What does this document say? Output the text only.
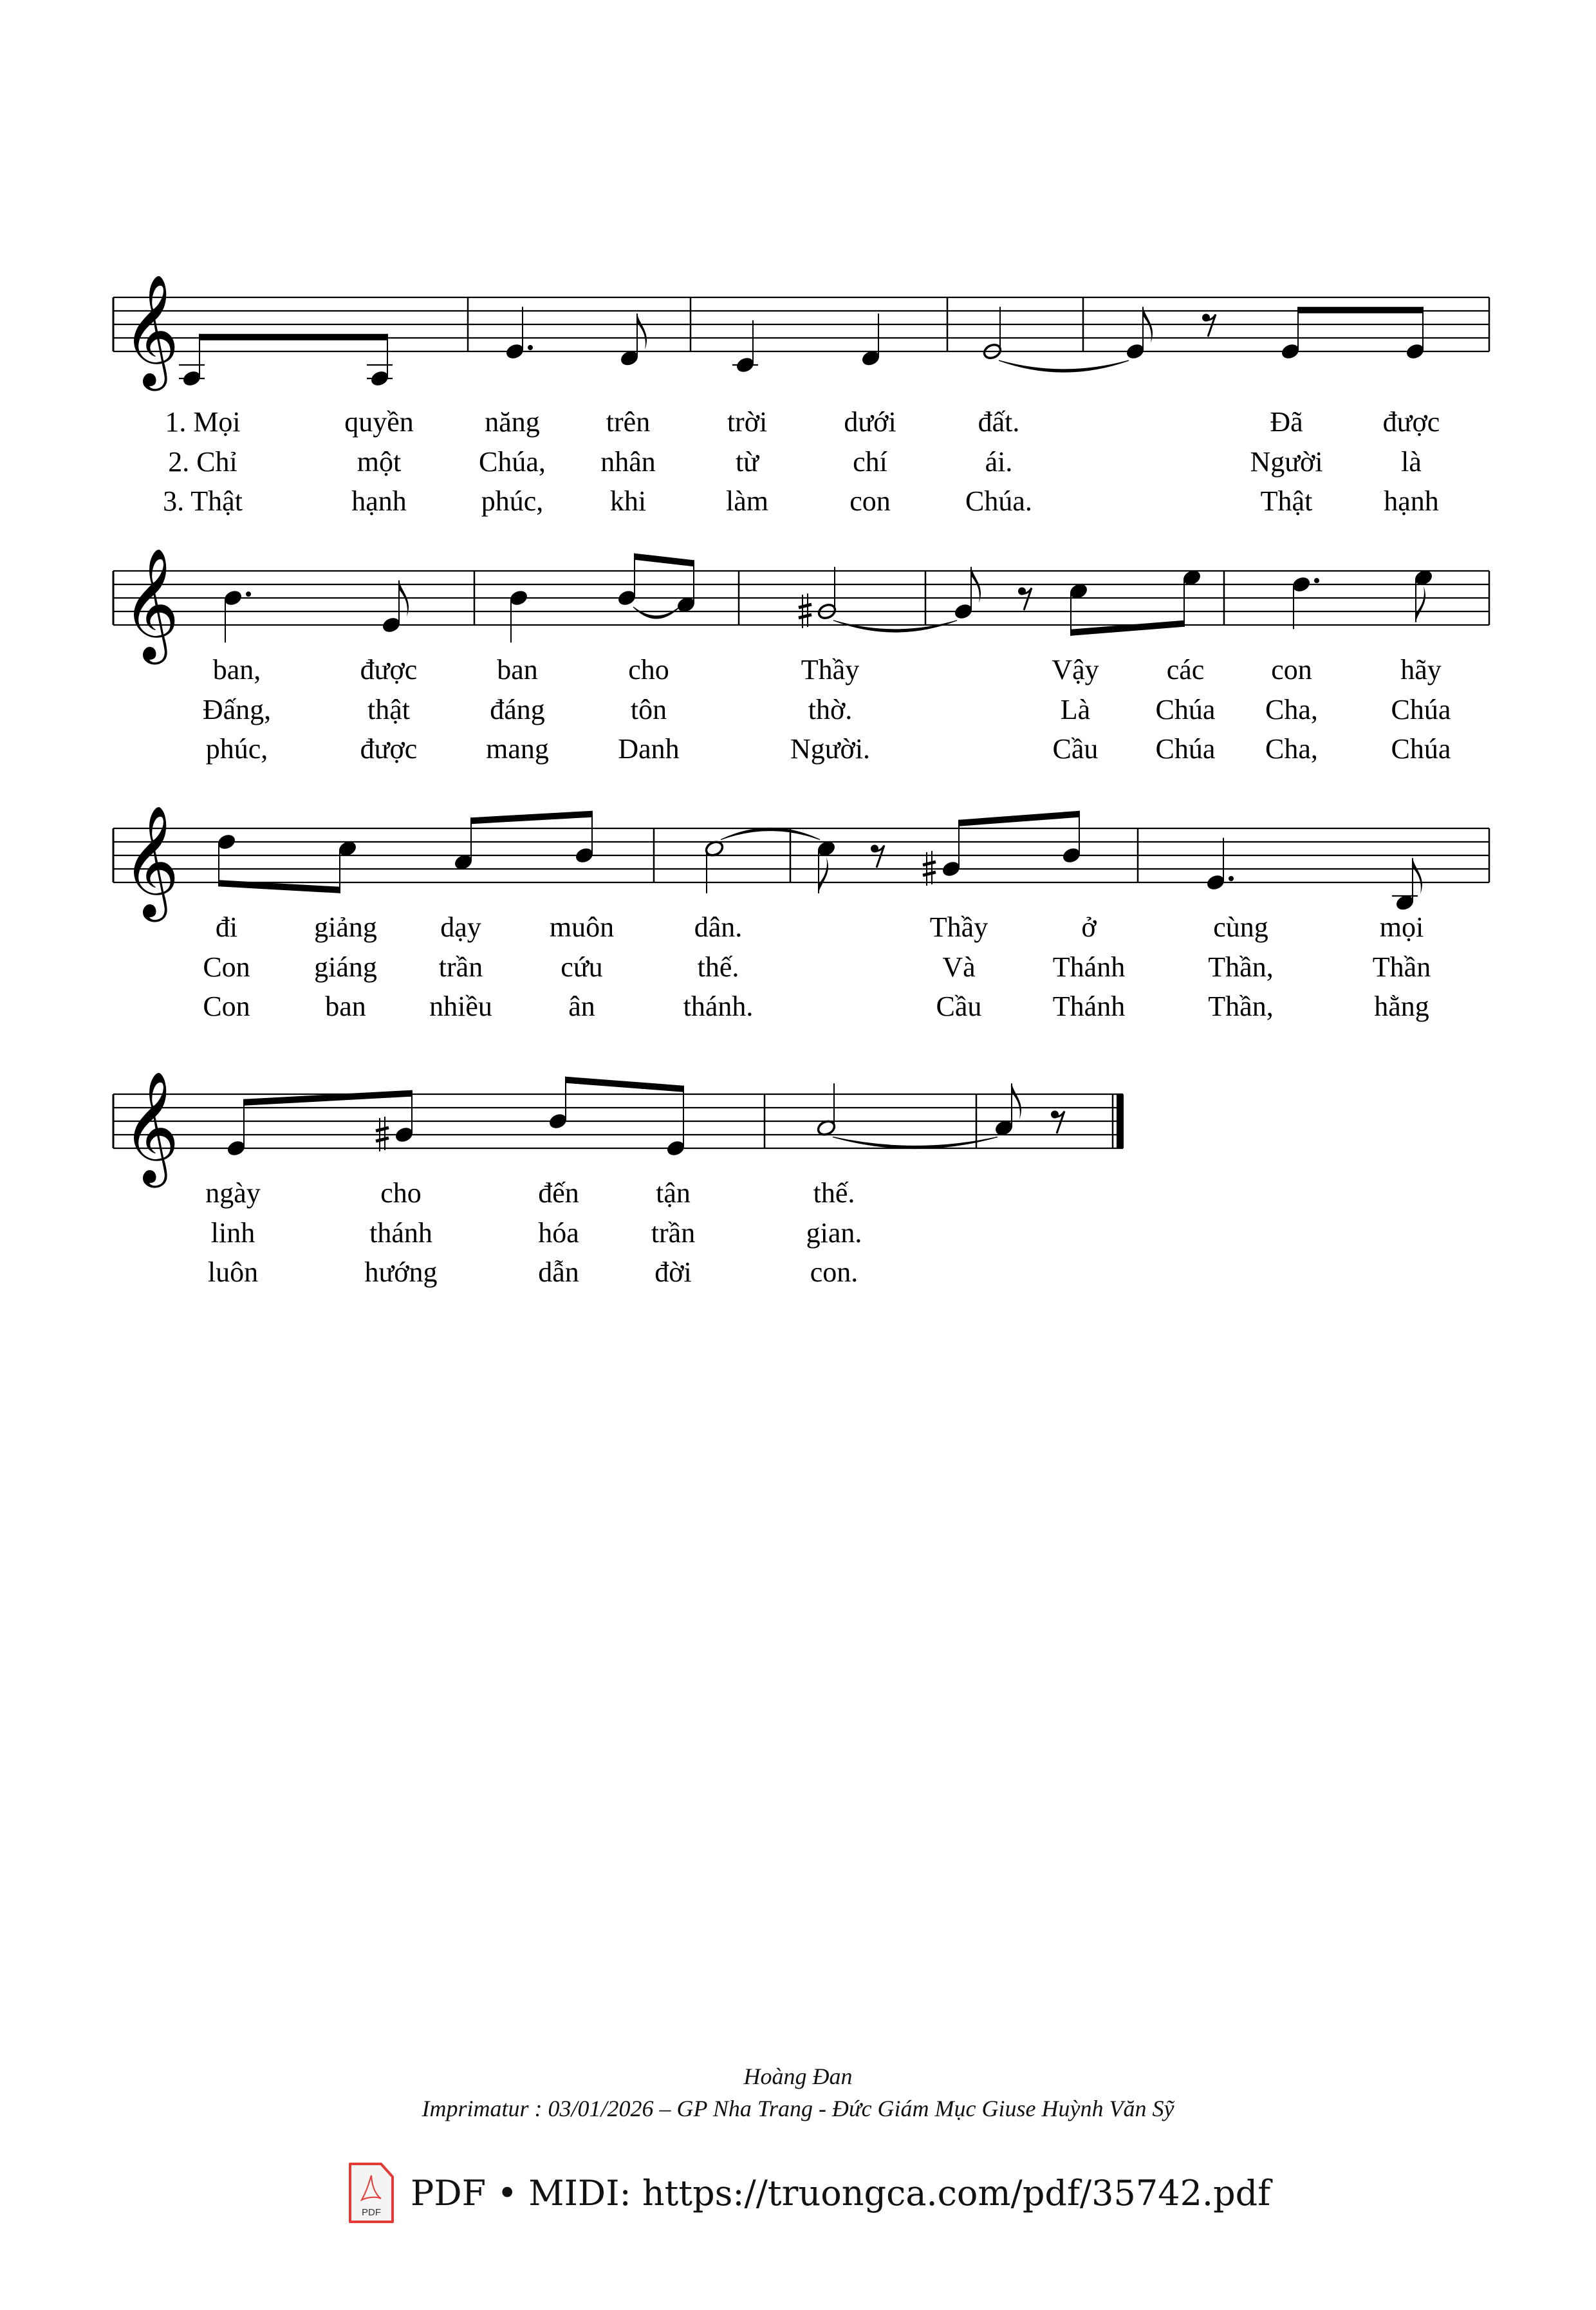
𝄞
1. Mọi
2. Chỉ
3. Thật
quyền
một
hạnh
năng
Chúa,
phúc,
trên
nhân
khi
trời
từ
làm
dưới
chí
con
đất.
ái.
Chúa.
Đã
Người
Thật
được
là
hạnh
𝄞
ban,
Đấng,
phúc,
được
thật
được
ban
đáng
mang
cho
tôn
Danh
Thầy
thờ.
Người.
Vậy
Là
Cầu
các
Chúa
Chúa
con
Cha,
Cha,
hãy
Chúa
Chúa
𝄞
đi
Con
Con
giảng
giáng
ban
dạy
trần
nhiều
muôn
cứu
ân
dân.
thế.
thánh.
Thầy
Và
Cầu
ở
Thánh
Thánh
cùng
Thần,
Thần,
mọi
Thần
hằng
𝄞
ngày
linh
luôn
cho
thánh
hướng
đến
hóa
dẫn
tận
trần
đời
thế.
gian.
con.
Hoàng Đan
Imprimatur : 03/01/2026 – GP Nha Trang - Đức Giám Mục Giuse Huỳnh Văn Sỹ
PDF PDF • MIDI: https://truongca.com/pdf/35742.pdf
